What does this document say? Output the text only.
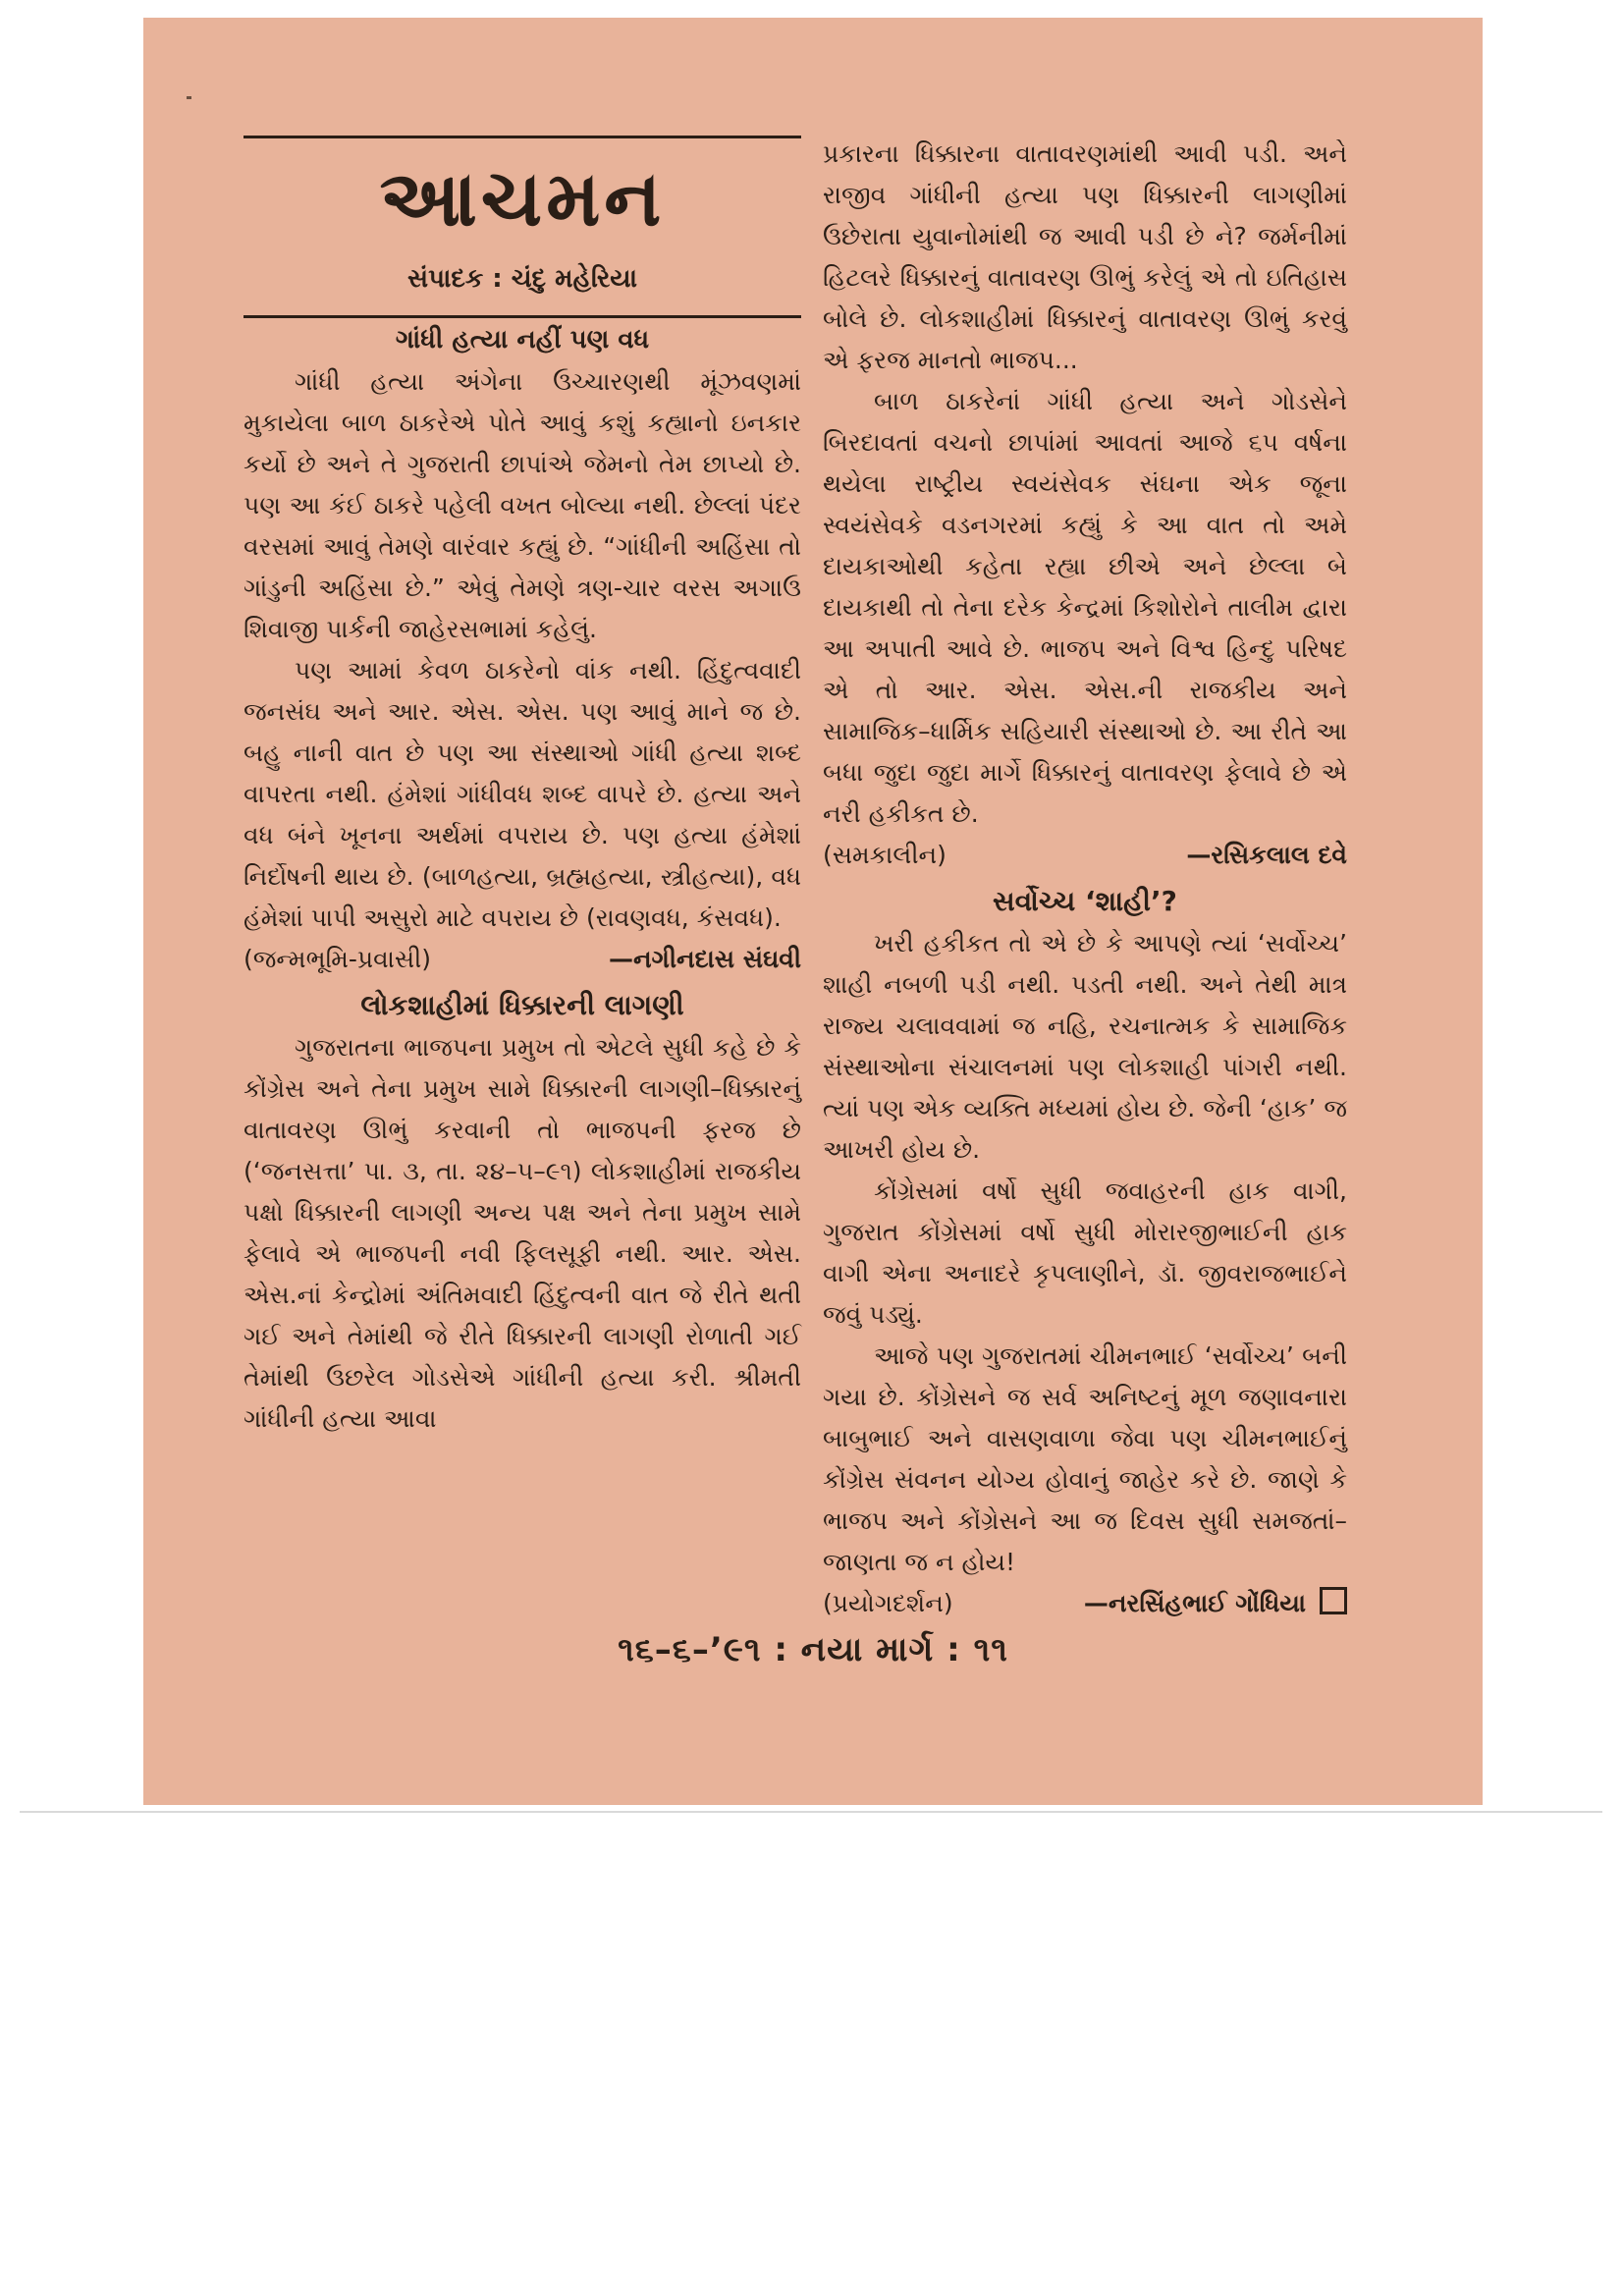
આચમન
સંપાદક : ચંદુ મહેરિયા
ગાંધી હત્યા નહીં પણ વધ

ગાંધી હત્યા અંગેના ઉચ્ચારણથી મૂંઝવણમાં મુકાયેલા બાળ ઠાકરેએ પોતે આવું કશું કહ્યાનો ઇનકાર કર્યો છે અને તે ગુજરાતી છાપાંએ જેમનો તેમ છાપ્યો છે. પણ આ કંઈ ઠાકરે પહેલી વખત બોલ્યા નથી. છેલ્લાં પંદર વરસમાં આવું તેમણે વારંવાર કહ્યું છે. “ગાંધીની અહિંસા તો ગાંડુની અહિંસા છે.” એવું તેમણે ત્રણ-ચાર વરસ અગાઉ શિવાજી પાર્કની જાહેરસભામાં કહેલું.

પણ આમાં કેવળ ઠાકરેનો વાંક નથી. હિંદુત્વવાદી જનસંઘ અને આર. એસ. એસ. પણ આવું માને જ છે. બહુ નાની વાત છે પણ આ સંસ્થાઓ ગાંધી હત્યા શબ્દ વાપરતા નથી. હંમેશાં ગાંધીવધ શબ્દ વાપરે છે. હત્યા અને વધ બંને ખૂનના અર્થમાં વપરાય છે. પણ હત્યા હંમેશાં નિર્દોષની થાય છે. (બાળહત્યા, બ્રહ્મહત્યા, સ્ત્રીહત્યા), વધ હંમેશાં પાપી અસુરો માટે વપરાય છે (રાવણવધ, કંસવધ).

(જન્મભૂમિ-પ્રવાસી)	—નગીનદાસ સંઘવી
લોકશાહીમાં ધિક્કારની લાગણી

ગુજરાતના ભાજપના પ્રમુખ તો એટલે સુધી કહે છે કે કોંગ્રેસ અને તેના પ્રમુખ સામે ધિક્કારની લાગણી–ધિક્કારનું વાતાવરણ ઊભું કરવાની તો ભાજપની ફરજ છે (‘જનસત્તા’ પા. ૩, તા. ૨૪–૫–૯૧) લોકશાહીમાં રાજકીય પક્ષો ધિક્કારની લાગણી અન્ય પક્ષ અને તેના પ્રમુખ સામે ફેલાવે એ ભાજપની નવી ફિલસૂફી નથી. આર. એસ. એસ.નાં કેન્દ્રોમાં અંતિમવાદી હિંદુત્વની વાત જે રીતે થતી ગઈ અને તેમાંથી જે રીતે ધિક્કારની લાગણી રોળાતી ગઈ તેમાંથી ઉછરેલ ગોડસેએ ગાંધીની હત્યા કરી. શ્રીમતી ગાંધીની હત્યા આવા

પ્રકારના ધિક્કારના વાતાવરણમાંથી આવી પડી. અને રાજીવ ગાંધીની હત્યા પણ ધિક્કારની લાગણીમાં ઉછેરાતા યુવાનોમાંથી જ આવી પડી છે ને? જર્મનીમાં હિટલરે ધિક્કારનું વાતાવરણ ઊભું કરેલું એ તો ઇતિહાસ બોલે છે. લોકશાહીમાં ધિક્કારનું વાતાવરણ ઊભું કરવું એ ફરજ માનતો ભાજપ...

બાળ ઠાકરેનાં ગાંધી હત્યા અને ગોડસેને બિરદાવતાં વચનો છાપાંમાં આવતાં આજે ૬૫ વર્ષના થયેલા રાષ્ટ્રીય સ્વયંસેવક સંઘના એક જૂના સ્વયંસેવકે વડનગરમાં કહ્યું કે આ વાત તો અમે દાયકાઓથી કહેતા રહ્યા છીએ અને છેલ્લા બે દાયકાથી તો તેના દરેક કેન્દ્રમાં કિશોરોને તાલીમ દ્વારા આ અપાતી આવે છે. ભાજપ અને વિશ્વ હિન્દુ પરિષદ એ તો આર. એસ. એસ.ની રાજકીય અને સામાજિક–ધાર્મિક સહિયારી સંસ્થાઓ છે. આ રીતે આ બધા જુદા જુદા માર્ગે ધિક્કારનું વાતાવરણ ફેલાવે છે એ નરી હકીકત છે.

(સમકાલીન)	—રસિકલાલ દવે
સર્વોચ્ચ ‘શાહી’?

ખરી હકીકત તો એ છે કે આપણે ત્યાં ‘સર્વોચ્ચ’ શાહી નબળી પડી નથી. પડતી નથી. અને તેથી માત્ર રાજ્ય ચલાવવામાં જ નહિ, રચનાત્મક કે સામાજિક સંસ્થાઓના સંચાલનમાં પણ લોકશાહી પાંગરી નથી. ત્યાં પણ એક વ્યક્તિ મધ્યમાં હોય છે. જેની ‘હાક’ જ આખરી હોય છે.

કોંગ્રેસમાં વર્ષો સુધી જવાહરની હાક વાગી, ગુજરાત કોંગ્રેસમાં વર્ષો સુધી મોરારજીભાઈની હાક વાગી એના અનાદરે કૃપલાણીને, ડૉ. જીવરાજભાઈને જવું પડ્યું.

આજે પણ ગુજરાતમાં ચીમનભાઈ ‘સર્વોચ્ચ’ બની ગયા છે. કોંગ્રેસને જ સર્વ અનિષ્ટનું મૂળ જણાવનારા બાબુભાઈ અને વાસણવાળા જેવા પણ ચીમનભાઈનું કોંગ્રેસ સંવનન યોગ્ય હોવાનું જાહેર કરે છે. જાણે કે ભાજપ અને કોંગ્રેસને આ જ દિવસ સુધી સમજતાં–જાણતા જ ન હોય!

(પ્રયોગદર્શન)	—નરસિંહભાઈ ગોંધિયા
૧૬–૬–’૯૧ : નયા માર્ગ : ૧૧
